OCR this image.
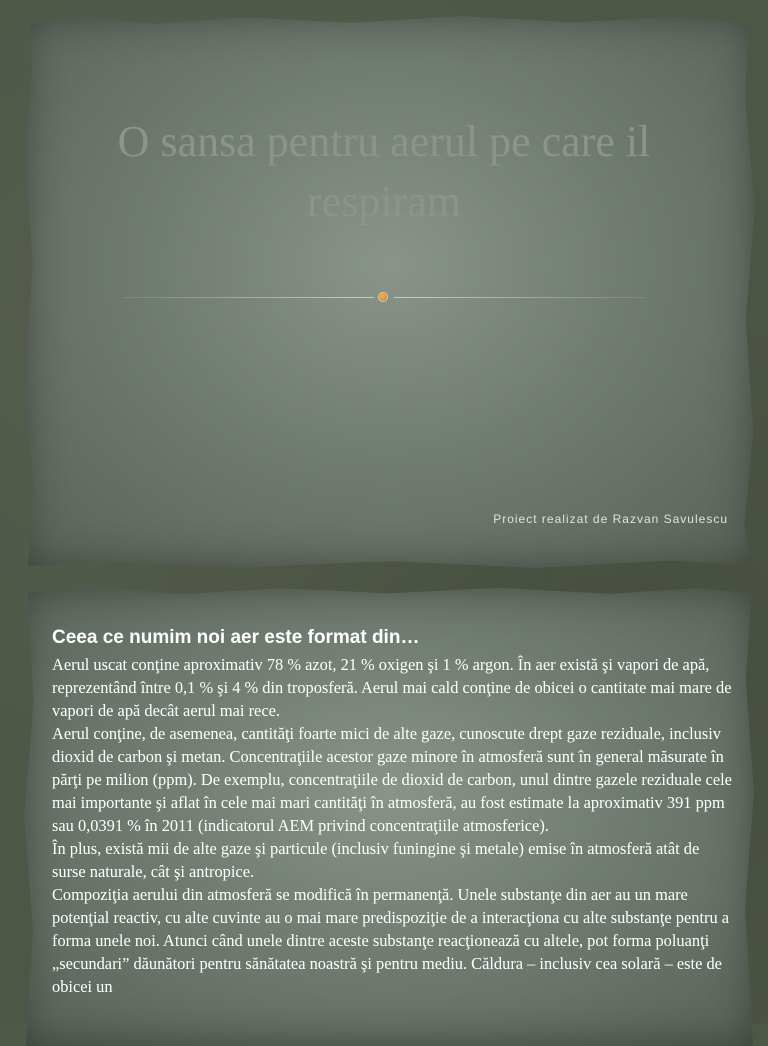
O sansa pentru aerul pe care il respiram
Proiect realizat de Razvan Savulescu
Ceea ce numim noi aer este format din…

Aerul uscat conţine aproximativ 78 % azot, 21 % oxigen şi 1 % argon. În aer există şi vapori de apă, reprezentând între 0,1 % şi 4 % din troposferă. Aerul mai cald conţine de obicei o cantitate mai mare de vapori de apă decât aerul mai rece.

Aerul conţine, de asemenea, cantităţi foarte mici de alte gaze, cunoscute drept gaze reziduale, inclusiv dioxid de carbon şi metan. Concentraţiile acestor gaze minore în atmosferă sunt în general măsurate în părţi pe milion (ppm). De exemplu, concentraţiile de dioxid de carbon, unul dintre gazele reziduale cele mai importante şi aflat în cele mai mari cantităţi în atmosferă, au fost estimate la aproximativ 391 ppm sau 0,0391 % în 2011 (indicatorul AEM privind concentraţiile atmosferice).

În plus, există mii de alte gaze şi particule (inclusiv funingine şi metale) emise în atmosferă atât de surse naturale, cât şi antropice.

Compoziţia aerului din atmosferă se modifică în permanenţă. Unele substanţe din aer au un mare potenţial reactiv, cu alte cuvinte au o mai mare predispoziţie de a interacţiona cu alte substanţe pentru a forma unele noi. Atunci când unele dintre aceste substanţe reacţionează cu altele, pot forma poluanţi „secundari” dăunători pentru sănătatea noastră şi pentru mediu. Căldura – inclusiv cea solară – este de obicei un
